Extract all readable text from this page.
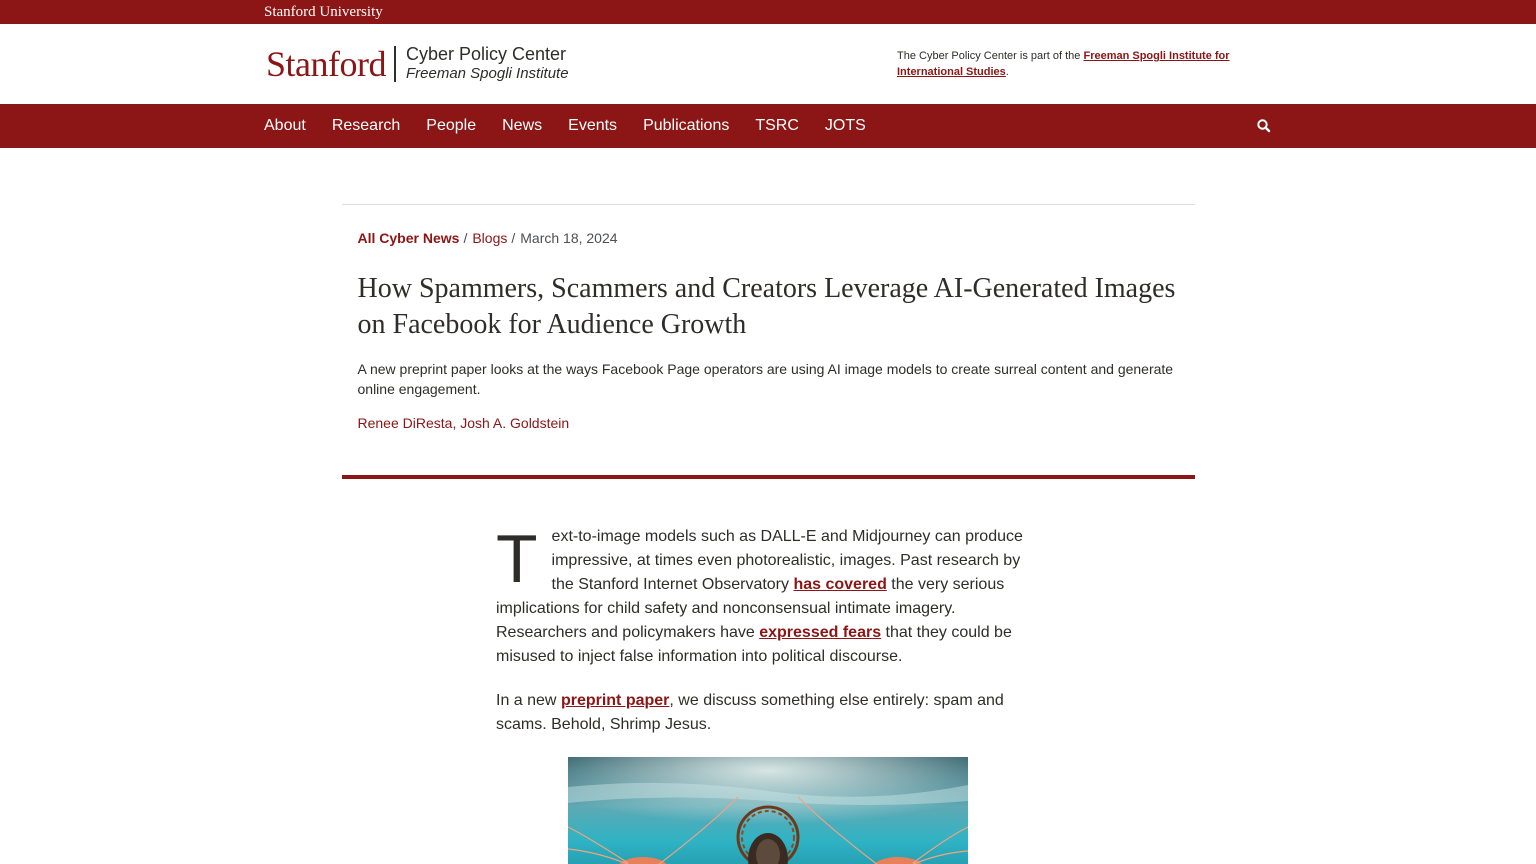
Stanford University
Stanford Cyber Policy Center
Freeman Spogli Institute
The Cyber Policy Center is part of the Freeman Spogli Institute for International Studies.
About Research People News Events Publications TSRC JOTS
All Cyber News / Blogs / March 18, 2024
How Spammers, Scammers and Creators Leverage AI-Generated Images on Facebook for Audience Growth
A new preprint paper looks at the ways Facebook Page operators are using AI image models to create surreal content and generate online engagement.
Renee DiResta, Josh A. Goldstein

Text-to-image models such as DALL-E and Midjourney can produce impressive, at times even photorealistic, images. Past research by the Stanford Internet Observatory has covered the very serious implications for child safety and nonconsensual intimate imagery. Researchers and policymakers have expressed fears that they could be misused to inject false information into political discourse.

In a new preprint paper, we discuss something else entirely: spam and scams. Behold, Shrimp Jesus.
